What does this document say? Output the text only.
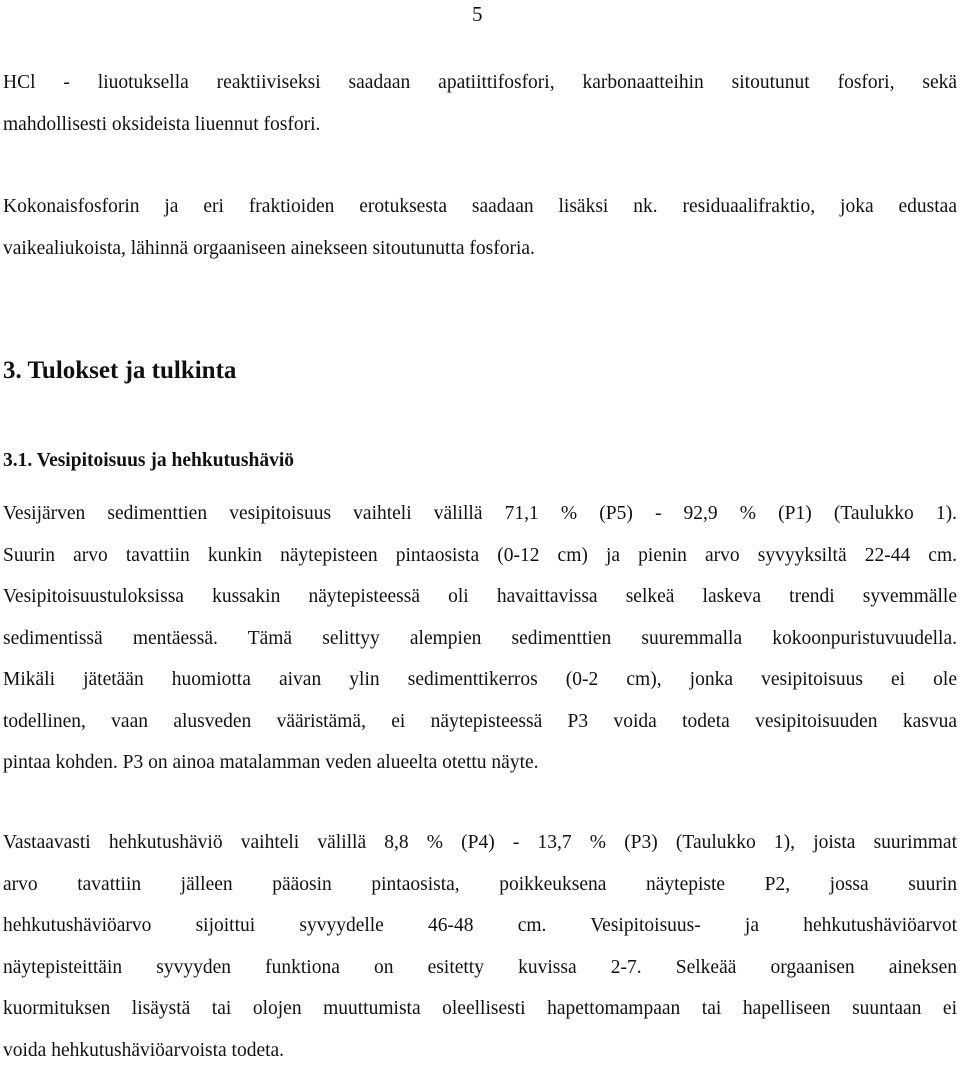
5

HCl - liuotuksella reaktiiviseksi saadaan apatiittifosfori, karbonaatteihin sitoutunut fosfori, sekä
mahdollisesti oksideista liuennut fosfori.

Kokonaisfosforin ja eri fraktioiden erotuksesta saadaan lisäksi nk. residuaalifraktio, joka edustaa
vaikealiukoista, lähinnä orgaaniseen ainekseen sitoutunutta fosforia.

3. Tulokset ja tulkinta
3.1. Vesipitoisuus ja hehkutushäviö

Vesijärven sedimenttien vesipitoisuus vaihteli välillä 71,1 % (P5) - 92,9 % (P1) (Taulukko 1).
Suurin arvo tavattiin kunkin näytepisteen pintaosista (0-12 cm) ja pienin arvo syvyyksiltä 22-44 cm.
Vesipitoisuustuloksissa kussakin näytepisteessä oli havaittavissa selkeä laskeva trendi syvemmälle
sedimentissä mentäessä. Tämä selittyy alempien sedimenttien suuremmalla kokoonpuristuvuudella.
Mikäli jätetään huomiotta aivan ylin sedimenttikerros (0-2 cm), jonka vesipitoisuus ei ole
todellinen, vaan alusveden vääristämä, ei näytepisteessä P3 voida todeta vesipitoisuuden kasvua
pintaa kohden. P3 on ainoa matalamman veden alueelta otettu näyte.

Vastaavasti hehkutushäviö vaihteli välillä 8,8 % (P4) - 13,7 % (P3) (Taulukko 1), joista suurimmat
arvo tavattiin jälleen pääosin pintaosista, poikkeuksena näytepiste P2, jossa suurin
hehkutushäviöarvo sijoittui syvyydelle 46-48 cm. Vesipitoisuus- ja hehkutushäviöarvot
näytepisteittäin syvyyden funktiona on esitetty kuvissa 2-7. Selkeää orgaanisen aineksen
kuormituksen lisäystä tai olojen muuttumista oleellisesti hapettomampaan tai hapelliseen suuntaan ei
voida hehkutushäviöarvoista todeta.
